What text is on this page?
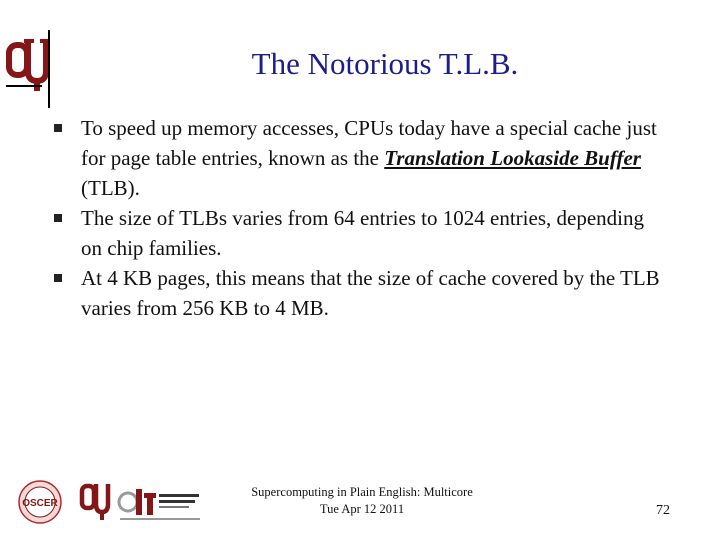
The Notorious T.L.B.
To speed up memory accesses, CPUs today have a special cache just for page table entries, known as the Translation Lookaside Buffer (TLB).
The size of TLBs varies from 64 entries to 1024 entries, depending on chip families.
At 4 KB pages, this means that the size of cache covered by the TLB varies from 256 KB to 4 MB.
OSCER
Supercomputing in Plain English: Multicore
Tue Apr 12 2011	72
